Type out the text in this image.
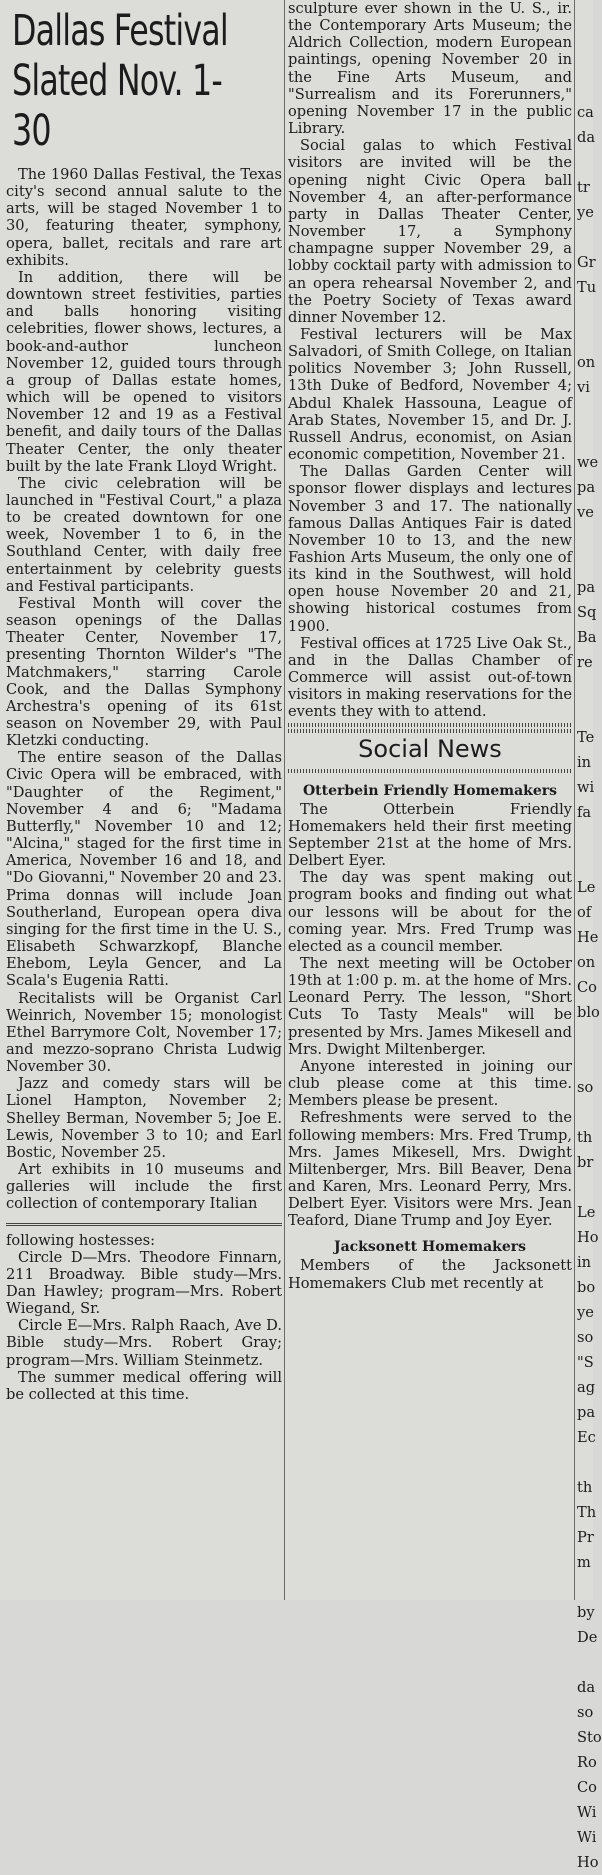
Dallas Festival
Slated Nov. 1-30

The 1960 Dallas Festival, the Texas city's second annual salute to the arts, will be staged November 1 to 30, featuring theater, symphony, opera, ballet, recitals and rare art exhibits.

In addition, there will be downtown street festivities, parties and balls honoring visiting celebrities, flower shows, lectures, a book-and-author luncheon November 12, guided tours through a group of Dallas estate homes, which will be opened to visitors November 12 and 19 as a Festival benefit, and daily tours of the Dallas Theater Center, the only theater built by the late Frank Lloyd Wright.

The civic celebration will be launched in "Festival Court," a plaza to be created downtown for one week, November 1 to 6, in the Southland Center, with daily free entertainment by celebrity guests and Festival participants.

Festival Month will cover the season openings of the Dallas Theater Center, November 17, presenting Thornton Wilder's "The Matchmakers," starring Carole Cook, and the Dallas Symphony Archestra's opening of its 61st season on November 29, with Paul Kletzki conducting.

The entire season of the Dallas Civic Opera will be embraced, with "Daughter of the Regiment," November 4 and 6; "Madama Butterfly," November 10 and 12; "Alcina," staged for the first time in America, November 16 and 18, and "Do Giovanni," November 20 and 23. Prima donnas will include Joan Southerland, European opera diva singing for the first time in the U. S., Elisabeth Schwarzkopf, Blanche Ehebom, Leyla Gencer, and La Scala's Eugenia Ratti.

Recitalists will be Organist Carl Weinrich, November 15; monologist Ethel Barrymore Colt, November 17; and mezzo-soprano Christa Ludwig November 30.

Jazz and comedy stars will be Lionel Hampton, November 2; Shelley Berman, November 5; Joe E. Lewis, November 3 to 10; and Earl Bostic, November 25.

Art exhibits in 10 museums and galleries will include the first collection of contemporary Italian

following hostesses:

Circle D—Mrs. Theodore Finnarn, 211 Broadway. Bible study—Mrs. Dan Hawley; program—Mrs. Robert Wiegand, Sr.

Circle E—Mrs. Ralph Raach, Ave D. Bible study—Mrs. Robert Gray; program—Mrs. William Steinmetz.

The summer medical offering will be collected at this time.

sculpture ever shown in the U. S., ir. the Contemporary Arts Museum; the Aldrich Collection, modern European paintings, opening November 20 in the Fine Arts Museum, and "Surrealism and its Forerunners," opening November 17 in the public Library.

Social galas to which Festival visitors are invited will be the opening night Civic Opera ball November 4, an after-performance party in Dallas Theater Center, November 17, a Symphony champagne supper November 29, a lobby cocktail party with admission to an opera rehearsal November 2, and the Poetry Society of Texas award dinner November 12.

Festival lecturers will be Max Salvadori, of Smith College, on Italian politics November 3; John Russell, 13th Duke of Bedford, November 4; Abdul Khalek Hassouna, League of Arab States, November 15, and Dr. J. Russell Andrus, economist, on Asian economic competition, November 21.

The Dallas Garden Center will sponsor flower displays and lectures November 3 and 17. The nationally famous Dallas Antiques Fair is dated November 10 to 13, and the new Fashion Arts Museum, the only one of its kind in the Southwest, will hold open house November 20 and 21, showing historical costumes from 1900.

Festival offices at 1725 Live Oak St., and in the Dallas Chamber of Commerce will assist out-of-town visitors in making reservations for the events they with to attend.

Social News
Otterbein Friendly Homemakers

The Otterbein Friendly Homemakers held their first meeting September 21st at the home of Mrs. Delbert Eyer.

The day was spent making out program books and finding out what our lessons will be about for the coming year. Mrs. Fred Trump was elected as a council member.

The next meeting will be October 19th at 1:00 p. m. at the home of Mrs. Leonard Perry. The lesson, "Short Cuts To Tasty Meals" will be presented by Mrs. James Mikesell and Mrs. Dwight Miltenberger.

Anyone interested in joining our club please come at this time. Members please be present.

Refreshments were served to the following members: Mrs. Fred Trump, Mrs. James Mikesell, Mrs. Dwight Miltenberger, Mrs. Bill Beaver, Dena and Karen, Mrs. Leonard Perry, Mrs. Delbert Eyer. Visitors were Mrs. Jean Teaford, Diane Trump and Joy Eyer.

Jacksonett Homemakers

Members of the Jacksonett Homemakers Club met recently at

ca
da

tr
ye

Gr
Tu

on
vi

we
pa
ve

pa
Sq
Ba
re

Te
in
wi
fa

Le
of
He
on
Co
blo

so

th
br

Le
Ho
in
bo
ye
so
"S
ag
pa
Ec

th
Th
Pr
m

by
De

da
so
Sto
Ro
Co
Wi
Wi
Ho
